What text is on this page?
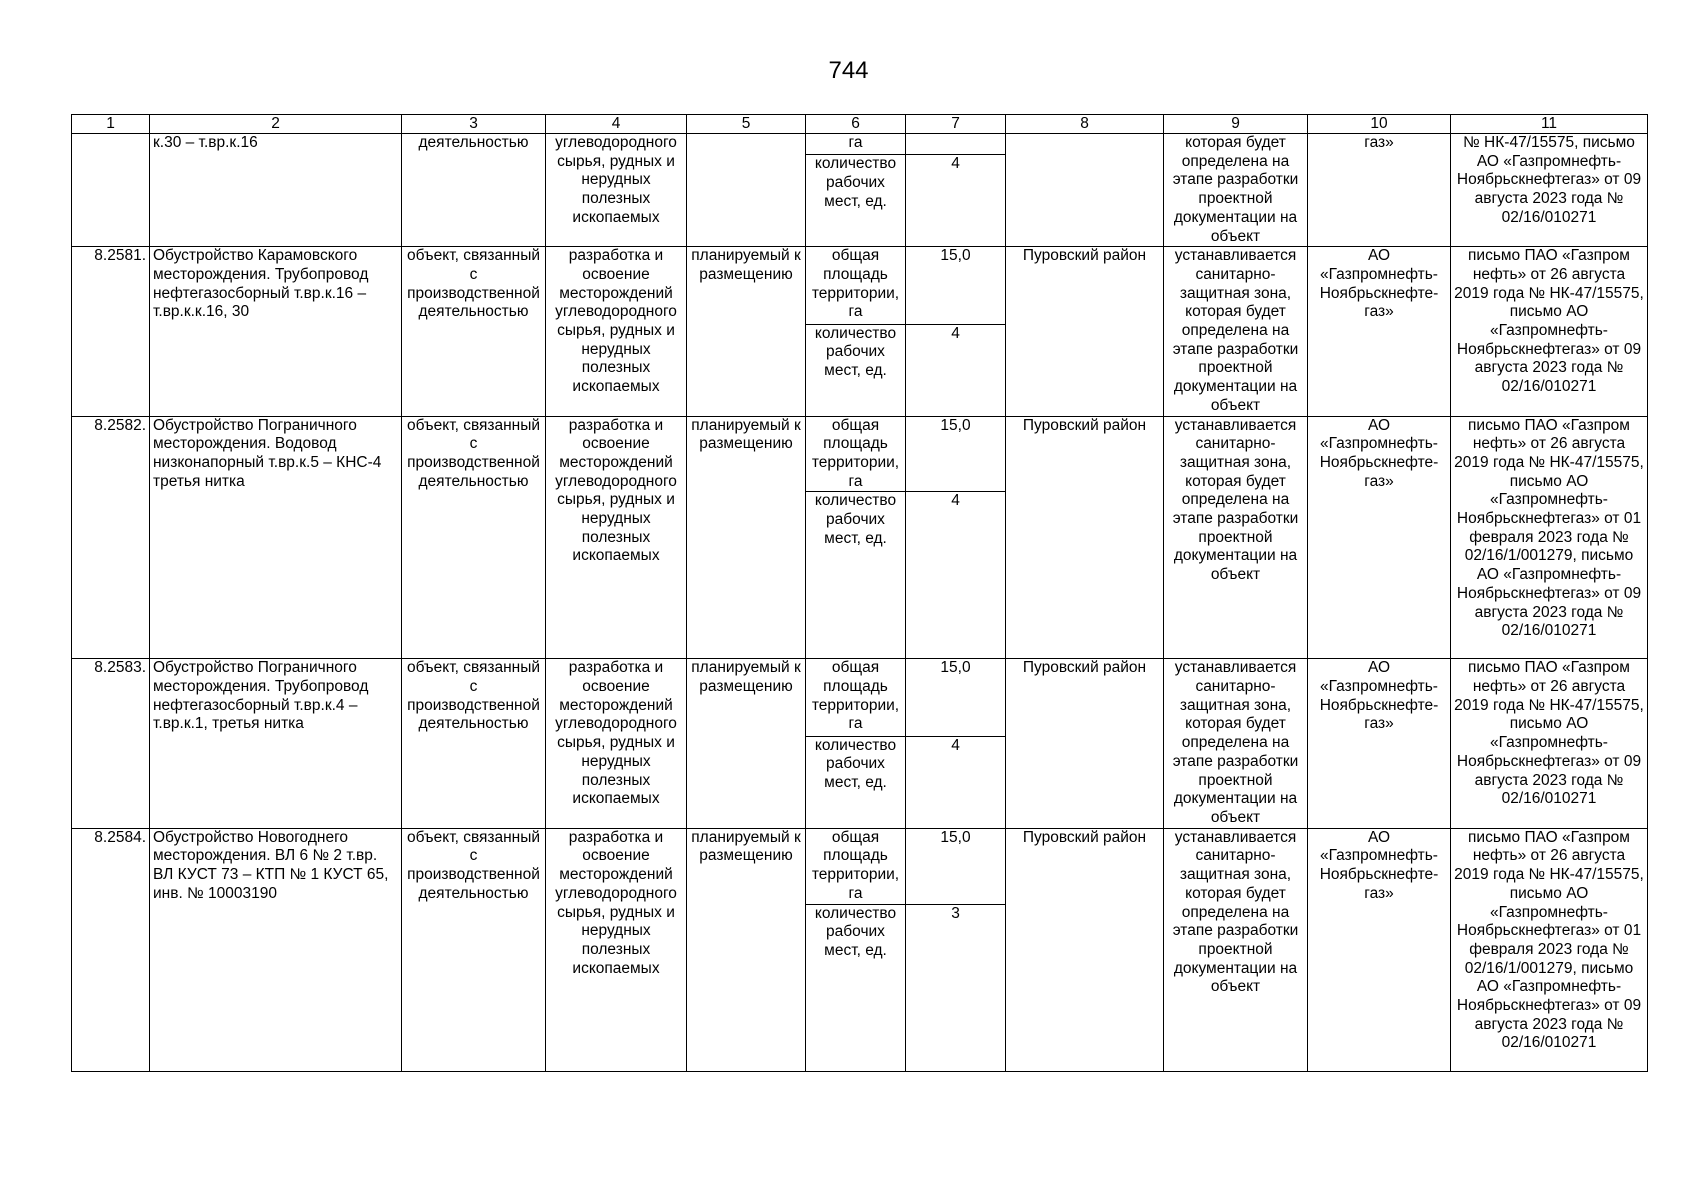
744
1	2	3	4	5	6	7	8	9	10	11
	к.30 – т.вр.к.16	деятельностью	углеводородного сырья, рудных и нерудных полезных ископаемых		га			которая будет определена на этапе разработки проектной документации на объект	газ»	№ НК-47/15575, письмо АО «Газпромнефть-Ноябрьскнефтегаз» от 09 августа 2023 года № 02/16/010271
					количество рабочих мест, ед.	4				
8.2581.	Обустройство Карамовского месторождения. Трубопровод нефтегазосборный т.вр.к.16 – т.вр.к.к.16, 30	объект, связанный с производственной деятельностью	разработка и освоение месторождений углеводородного сырья, рудных и нерудных полезных ископаемых	планируемый к размещению	общая площадь территории, га	15,0	Пуровский район	устанавливается санитарно-защитная зона, которая будет определена на этапе разработки проектной документации на объект	АО «Газпромнефть-Ноябрьскнефте-газ»	письмо ПАО «Газпром нефть» от 26 августа 2019 года № НК-47/15575, письмо АО «Газпромнефть-Ноябрьскнефтегаз» от 09 августа 2023 года № 02/16/010271
					количество рабочих мест, ед.	4				
8.2582.	Обустройство Пограничного месторождения. Водовод низконапорный т.вр.к.5 – КНС-4 третья нитка	объект, связанный с производственной деятельностью	разработка и освоение месторождений углеводородного сырья, рудных и нерудных полезных ископаемых	планируемый к размещению	общая площадь территории, га	15,0	Пуровский район	устанавливается санитарно-защитная зона, которая будет определена на этапе разработки проектной документации на объект	АО «Газпромнефть-Ноябрьскнефте-газ»	письмо ПАО «Газпром нефть» от 26 августа 2019 года № НК-47/15575, письмо АО «Газпромнефть-Ноябрьскнефтегаз» от 01 февраля 2023 года № 02/16/1/001279, письмо АО «Газпромнефть-Ноябрьскнефтегаз» от 09 августа 2023 года № 02/16/010271
					количество рабочих мест, ед.	4				
8.2583.	Обустройство Пограничного месторождения. Трубопровод нефтегазосборный т.вр.к.4 – т.вр.к.1, третья нитка	объект, связанный с производственной деятельностью	разработка и освоение месторождений углеводородного сырья, рудных и нерудных полезных ископаемых	планируемый к размещению	общая площадь территории, га	15,0	Пуровский район	устанавливается санитарно-защитная зона, которая будет определена на этапе разработки проектной документации на объект	АО «Газпромнефть-Ноябрьскнефте-газ»	письмо ПАО «Газпром нефть» от 26 августа 2019 года № НК-47/15575, письмо АО «Газпромнефть-Ноябрьскнефтегаз» от 09 августа 2023 года № 02/16/010271
					количество рабочих мест, ед.	4				
8.2584.	Обустройство Новогоднего месторождения. ВЛ 6 № 2 т.вр. ВЛ КУСТ 73 – КТП № 1 КУСТ 65, инв. № 10003190	объект, связанный с производственной деятельностью	разработка и освоение месторождений углеводородного сырья, рудных и нерудных полезных ископаемых	планируемый к размещению	общая площадь территории, га	15,0	Пуровский район	устанавливается санитарно-защитная зона, которая будет определена на этапе разработки проектной документации на объект	АО «Газпромнефть-Ноябрьскнефте-газ»	письмо ПАО «Газпром нефть» от 26 августа 2019 года № НК-47/15575, письмо АО «Газпромнефть-Ноябрьскнефтегаз» от 01 февраля 2023 года № 02/16/1/001279, письмо АО «Газпромнефть-Ноябрьскнефтегаз» от 09 августа 2023 года № 02/16/010271
					количество рабочих мест, ед.	3				
